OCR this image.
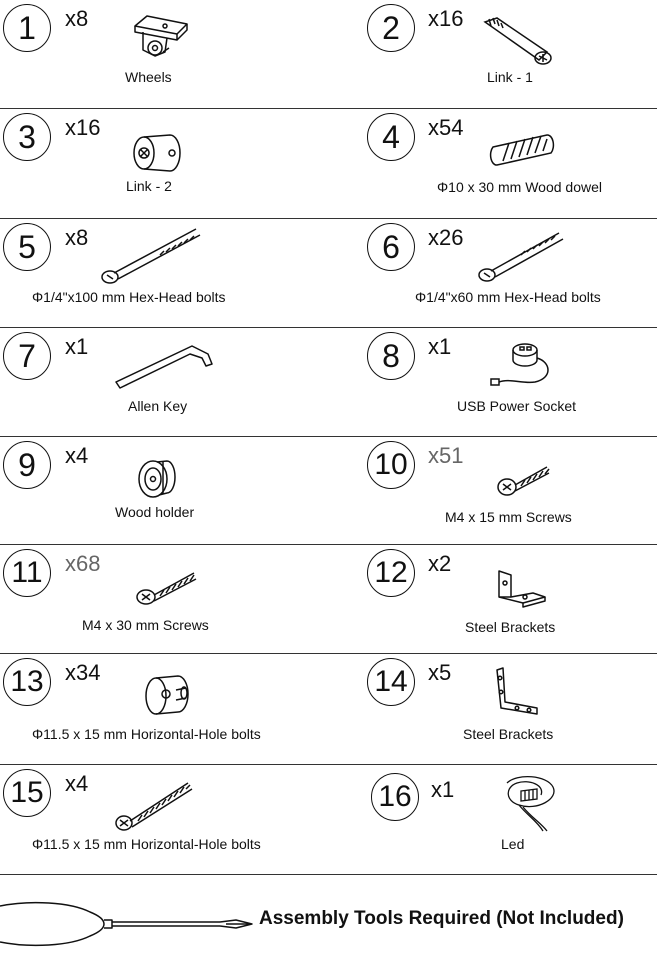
1	x8
Wheels
2	x16
Link - 1
3	x16
Link - 2
4	x54
Φ10 x 30 mm Wood dowel
5	x8
Φ1/4"x100 mm Hex-Head bolts
6	x26
Φ1/4"x60 mm Hex-Head bolts
7	x1
Allen Key
8	x1
USB Power Socket
9	x4
Wood holder
10 x51
M4 x 15 mm Screws
11	x68
M4 x 30 mm Screws
12 x2
Steel Brackets
13 x34
Φ11.5 x 15 mm Horizontal-Hole bolts
14 x5
Steel Brackets
15 x4
Φ11.5 x 15 mm Horizontal-Hole bolts
16 x1
Led
Assembly Tools Required (Not Included)
